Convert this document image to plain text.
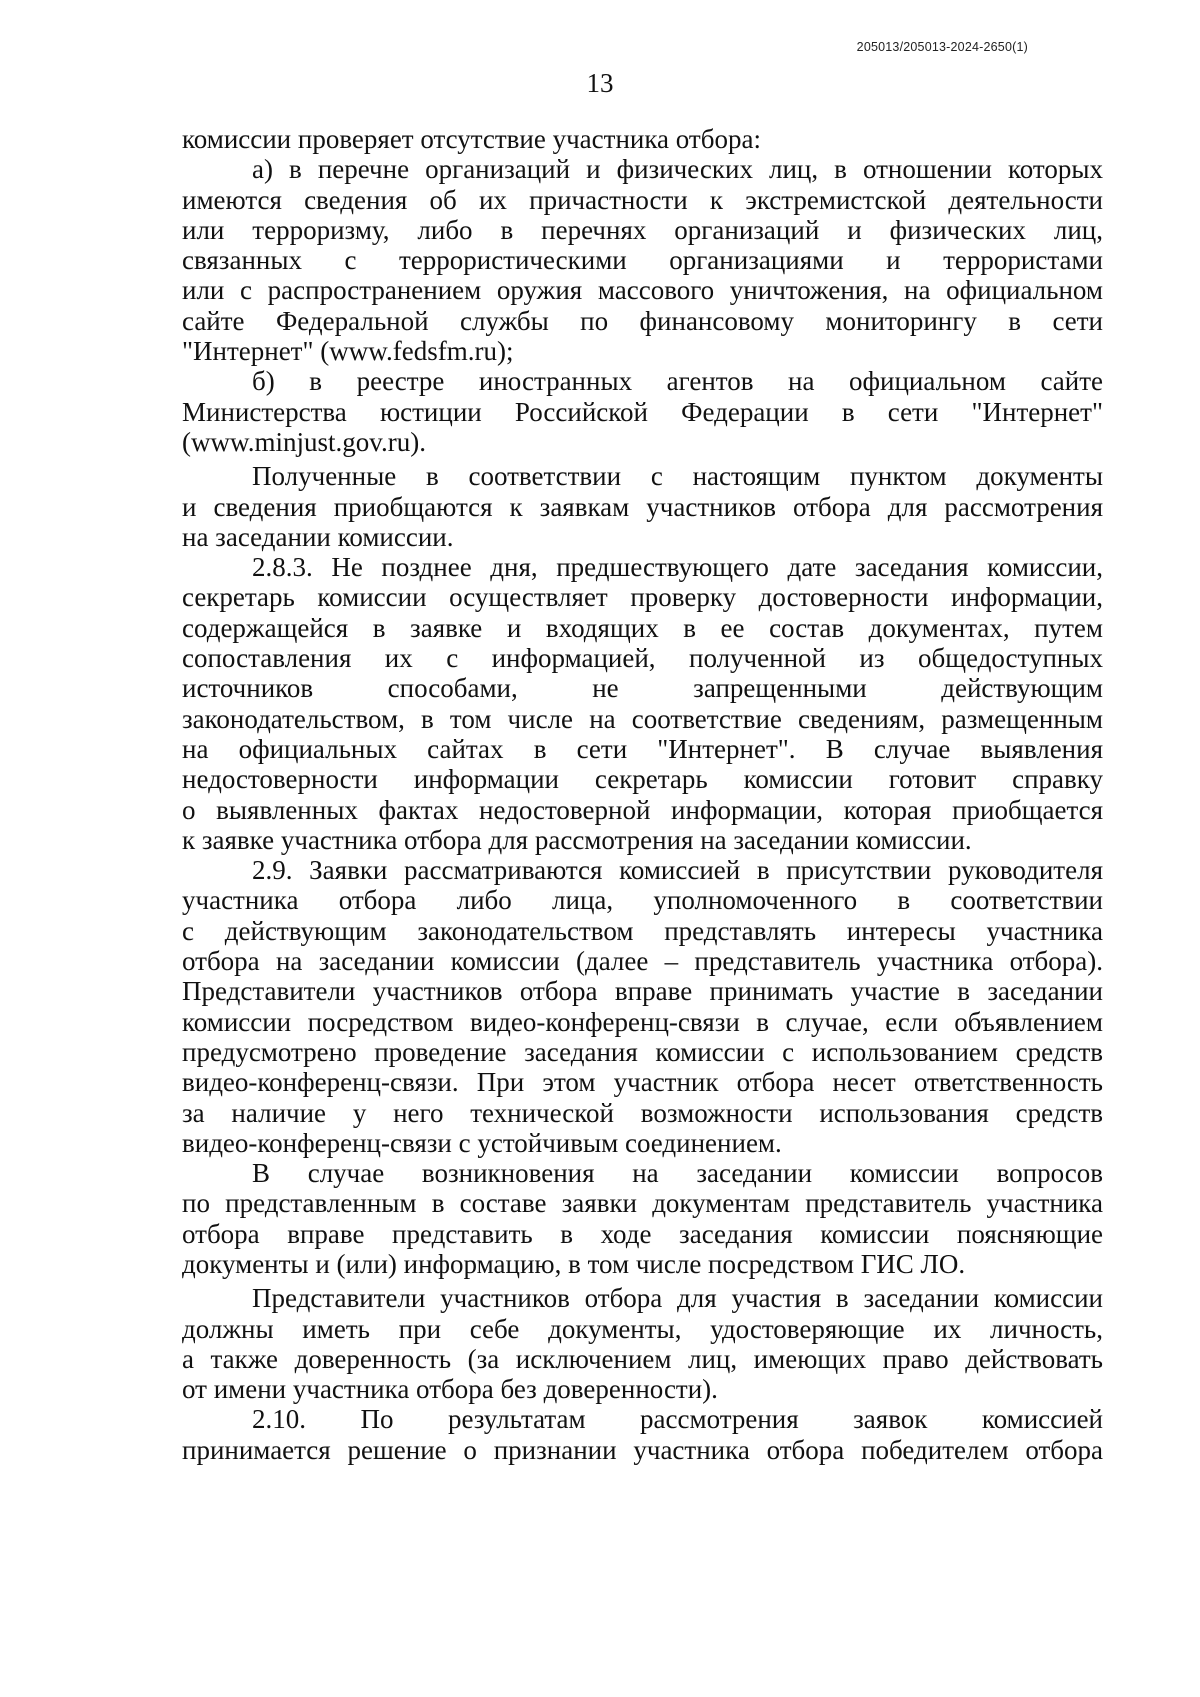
205013/205013-2024-2650(1)
13
комиссии проверяет отсутствие участника отбора:
а) в перечне организаций и физических лиц, в отношении которых
имеются сведения об их причастности к экстремистской деятельности
или терроризму, либо в перечнях организаций и физических лиц,
связанных с террористическими организациями и террористами
или с распространением оружия массового уничтожения, на официальном
сайте Федеральной службы по финансовому мониторингу в сети
"Интернет" (www.fedsfm.ru);
б) в реестре иностранных агентов на официальном сайте
Министерства юстиции Российской Федерации в сети "Интернет"
(www.minjust.gov.ru).
Полученные в соответствии с настоящим пунктом документы
и сведения приобщаются к заявкам участников отбора для рассмотрения
на заседании комиссии.
2.8.3. Не позднее дня, предшествующего дате заседания комиссии,
секретарь комиссии осуществляет проверку достоверности информации,
содержащейся в заявке и входящих в ее состав документах, путем
сопоставления их с информацией, полученной из общедоступных
источников способами, не запрещенными действующим
законодательством, в том числе на соответствие сведениям, размещенным
на официальных сайтах в сети "Интернет". В случае выявления
недостоверности информации секретарь комиссии готовит справку
о выявленных фактах недостоверной информации, которая приобщается
к заявке участника отбора для рассмотрения на заседании комиссии.
2.9. Заявки рассматриваются комиссией в присутствии руководителя
участника отбора либо лица, уполномоченного в соответствии
с действующим законодательством представлять интересы участника
отбора на заседании комиссии (далее – представитель участника отбора).
Представители участников отбора вправе принимать участие в заседании
комиссии посредством видео-конференц-связи в случае, если объявлением
предусмотрено проведение заседания комиссии с использованием средств
видео-конференц-связи. При этом участник отбора несет ответственность
за наличие у него технической возможности использования средств
видео-конференц-связи с устойчивым соединением.
В случае возникновения на заседании комиссии вопросов
по представленным в составе заявки документам представитель участника
отбора вправе представить в ходе заседания комиссии поясняющие
документы и (или) информацию, в том числе посредством ГИС ЛО.
Представители участников отбора для участия в заседании комиссии
должны иметь при себе документы, удостоверяющие их личность,
а также доверенность (за исключением лиц, имеющих право действовать
от имени участника отбора без доверенности).
2.10. По результатам рассмотрения заявок комиссией
принимается решение о признании участника отбора победителем отбора
